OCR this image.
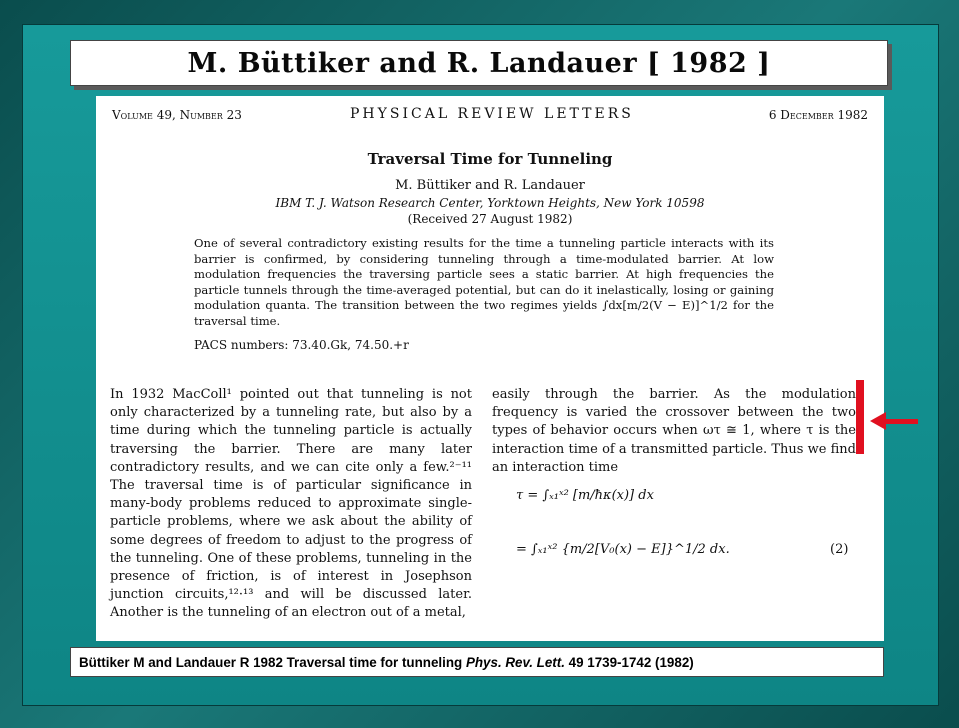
M. Büttiker and R. Landauer [ 1982 ]
Volume 49, Number 23	PHYSICAL REVIEW LETTERS	6 December 1982
Traversal Time for Tunneling
M. Büttiker and R. Landauer
IBM T. J. Watson Research Center, Yorktown Heights, New York 10598
(Received 27 August 1982)
One of several contradictory existing results for the time a tunneling particle interacts with its barrier is confirmed, by considering tunneling through a time-modulated barrier. At low modulation frequencies the traversing particle sees a static barrier. At high frequencies the particle tunnels through the time-averaged potential, but can do it inelastically, losing or gaining modulation quanta. The transition between the two regimes yields ∫dx[m/2(V − E)]^1/2 for the traversal time.
PACS numbers: 73.40.Gk, 74.50.+r
In 1932 MacColl¹ pointed out that tunneling is not only characterized by a tunneling rate, but also by a time during which the tunneling particle is actually traversing the barrier. There are many later contradictory results, and we can cite only a few.²⁻¹¹ The traversal time is of particular significance in many-body problems reduced to approximate single-particle problems, where we ask about the ability of some degrees of freedom to adjust to the progress of the tunneling. One of these problems, tunneling in the presence of friction, is of interest in Josephson junction circuits,¹²·¹³ and will be discussed later. Another is the tunneling of an electron out of a metal,
easily through the barrier. As the modulation frequency is varied the crossover between the two types of behavior occurs when ωτ ≅ 1, where τ is the interaction time of a transmitted particle. Thus we find an interaction time
τ = ∫ₓ₁ˣ² [m/ħκ(x)] dx
= ∫ₓ₁ˣ² {m/2[V₀(x) − E]}^1/2 dx.	(2)
Büttiker M and Landauer R 1982 Traversal time for tunneling Phys. Rev. Lett. 49 1739-1742 (1982)
